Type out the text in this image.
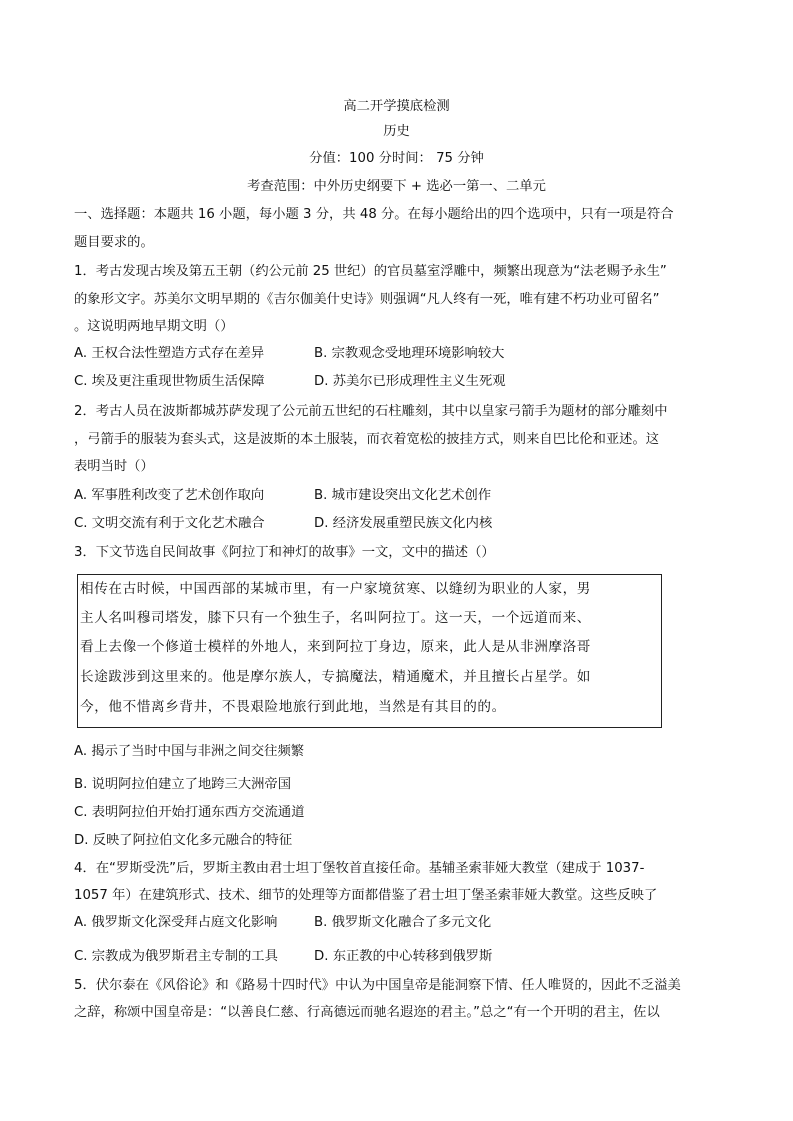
高二开学摸底检测
历史
分值：100 分时间： 75 分钟
考查范围：中外历史纲要下 + 选必一第一、二单元
一、选择题：本题共 16 小题，每小题 3 分，共 48 分。在每小题给出的四个选项中，只有一项是符合
题目要求的。
1．考古发现古埃及第五王朝（约公元前 25 世纪）的官员墓室浮雕中，频繁出现意为“法老赐予永生”
的象形文字。苏美尔文明早期的《吉尔伽美什史诗》则强调“凡人终有一死，唯有建不朽功业可留名”
。这说明两地早期文明（）
A. 王权合法性塑造方式存在差异	B. 宗教观念受地理环境影响较大
C. 埃及更注重现世物质生活保障	D. 苏美尔已形成理性主义生死观
2．考古人员在波斯都城苏萨发现了公元前五世纪的石柱雕刻，其中以皇家弓箭手为题材的部分雕刻中
，弓箭手的服装为套头式，这是波斯的本土服装，而衣着宽松的披挂方式，则来自巴比伦和亚述。这
表明当时（）
A. 军事胜利改变了艺术创作取向	B. 城市建设突出文化艺术创作
C. 文明交流有利于文化艺术融合	D. 经济发展重塑民族文化内核
3．下文节选自民间故事《阿拉丁和神灯的故事》一文，文中的描述（）
相传在古时候，中国西部的某城市里，有一户家境贫寒、以缝纫为职业的人家，男
主人名叫穆司塔发，膝下只有一个独生子，名叫阿拉丁。这一天，一个远道而来、
看上去像一个修道士模样的外地人，来到阿拉丁身边，原来，此人是从非洲摩洛哥
长途跋涉到这里来的。他是摩尔族人，专搞魔法，精通魔术，并且擅长占星学。如
今，他不惜离乡背井，不畏艰险地旅行到此地，当然是有其目的的。
A. 揭示了当时中国与非洲之间交往频繁
B. 说明阿拉伯建立了地跨三大洲帝国
C. 表明阿拉伯开始打通东西方交流通道
D. 反映了阿拉伯文化多元融合的特征
4．在“罗斯受洗”后，罗斯主教由君士坦丁堡牧首直接任命。基辅圣索菲娅大教堂（建成于 1037-
1057 年）在建筑形式、技术、细节的处理等方面都借鉴了君士坦丁堡圣索菲娅大教堂。这些反映了
A. 俄罗斯文化深受拜占庭文化影响	B. 俄罗斯文化融合了多元文化
C. 宗教成为俄罗斯君主专制的工具	D. 东正教的中心转移到俄罗斯
5．伏尔泰在《风俗论》和《路易十四时代》中认为中国皇帝是能洞察下情、任人唯贤的，因此不乏溢美
之辞，称颂中国皇帝是：“以善良仁慈、行高德远而驰名遐迩的君主。”总之“有一个开明的君主，佐以
